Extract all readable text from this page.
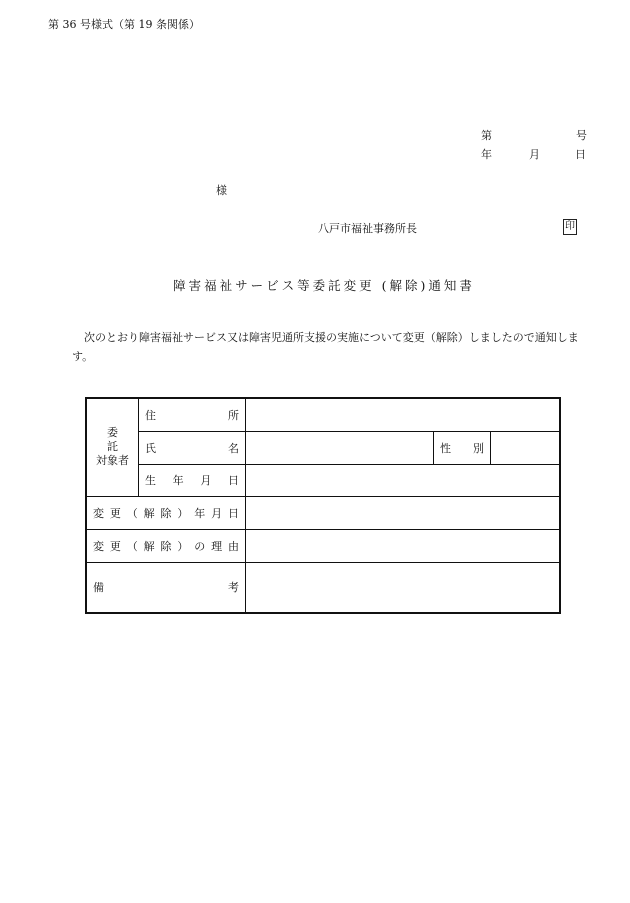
第 36 号様式（第 19 条関係）
第	号
年	月	日
様
八戸市福祉事務所長	印
障害福祉サービス等委託変更 (解除)通知書
次のとおり障害福祉サービス又は障害児通所支援の実施について変更（解除）しましたので通知します。
委託
対象者	住所			
	氏名		性別	
	生年月日			
変更（解除）年月日				
変更（解除）の理由				
備考				
